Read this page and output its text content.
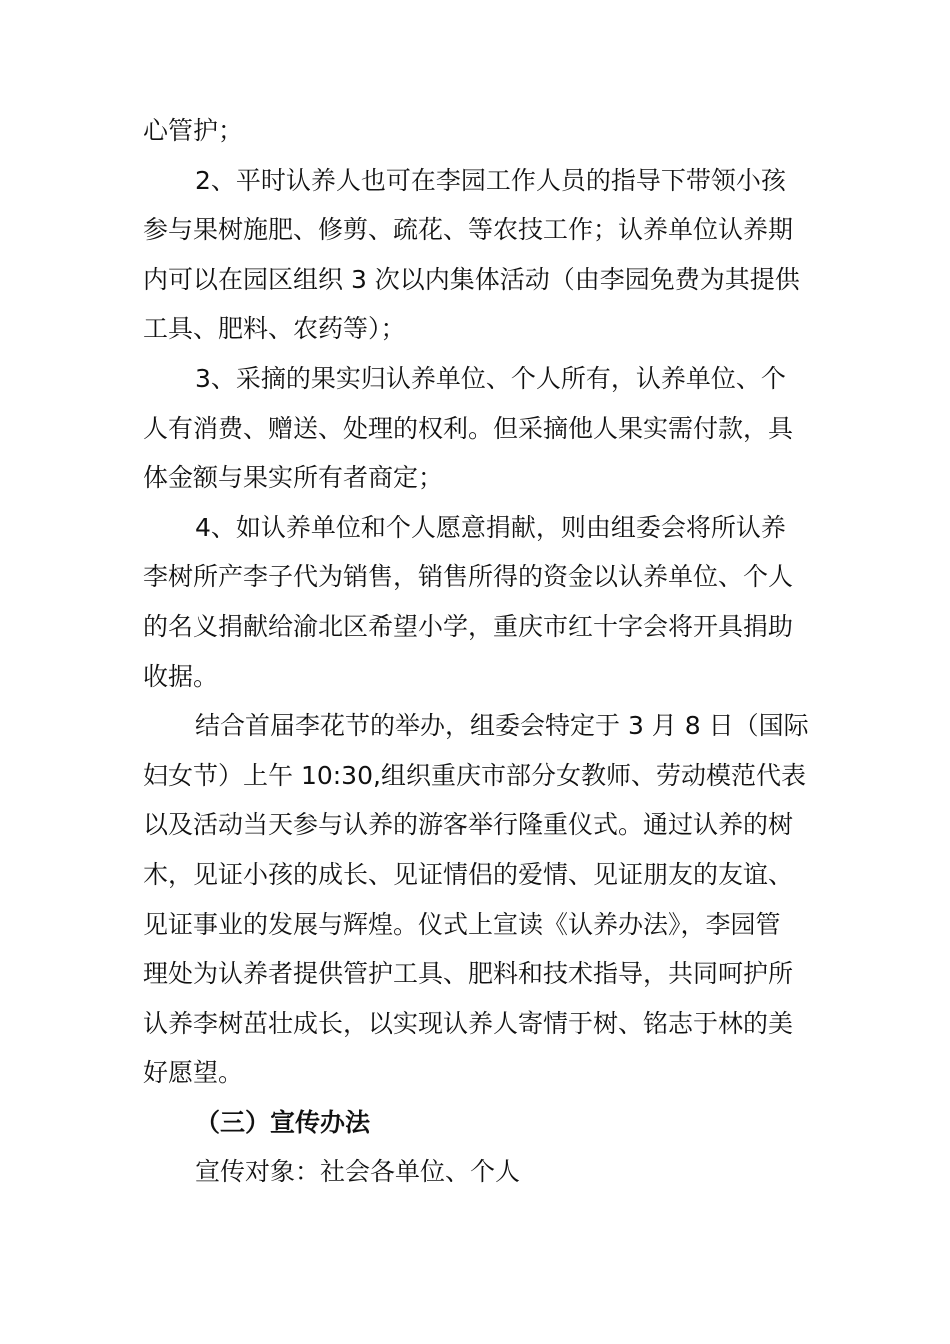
心管护；
2、平时认养人也可在李园工作人员的指导下带领小孩
参与果树施肥、修剪、疏花、等农技工作；认养单位认养期
内可以在园区组织 3 次以内集体活动（由李园免费为其提供
工具、肥料、农药等）；
3、采摘的果实归认养单位、个人所有，认养单位、个
人有消费、赠送、处理的权利。但采摘他人果实需付款，具
体金额与果实所有者商定；
4、如认养单位和个人愿意捐献，则由组委会将所认养
李树所产李子代为销售，销售所得的资金以认养单位、个人
的名义捐献给渝北区希望小学，重庆市红十字会将开具捐助
收据。
结合首届李花节的举办，组委会特定于 3 月 8 日（国际
妇女节）上午 10:30,组织重庆市部分女教师、劳动模范代表
以及活动当天参与认养的游客举行隆重仪式。通过认养的树
木，见证小孩的成长、见证情侣的爱情、见证朋友的友谊、
见证事业的发展与辉煌。仪式上宣读《认养办法》，李园管
理处为认养者提供管护工具、肥料和技术指导，共同呵护所
认养李树茁壮成长，以实现认养人寄情于树、铭志于林的美
好愿望。
（三）宣传办法
宣传对象：社会各单位、个人
